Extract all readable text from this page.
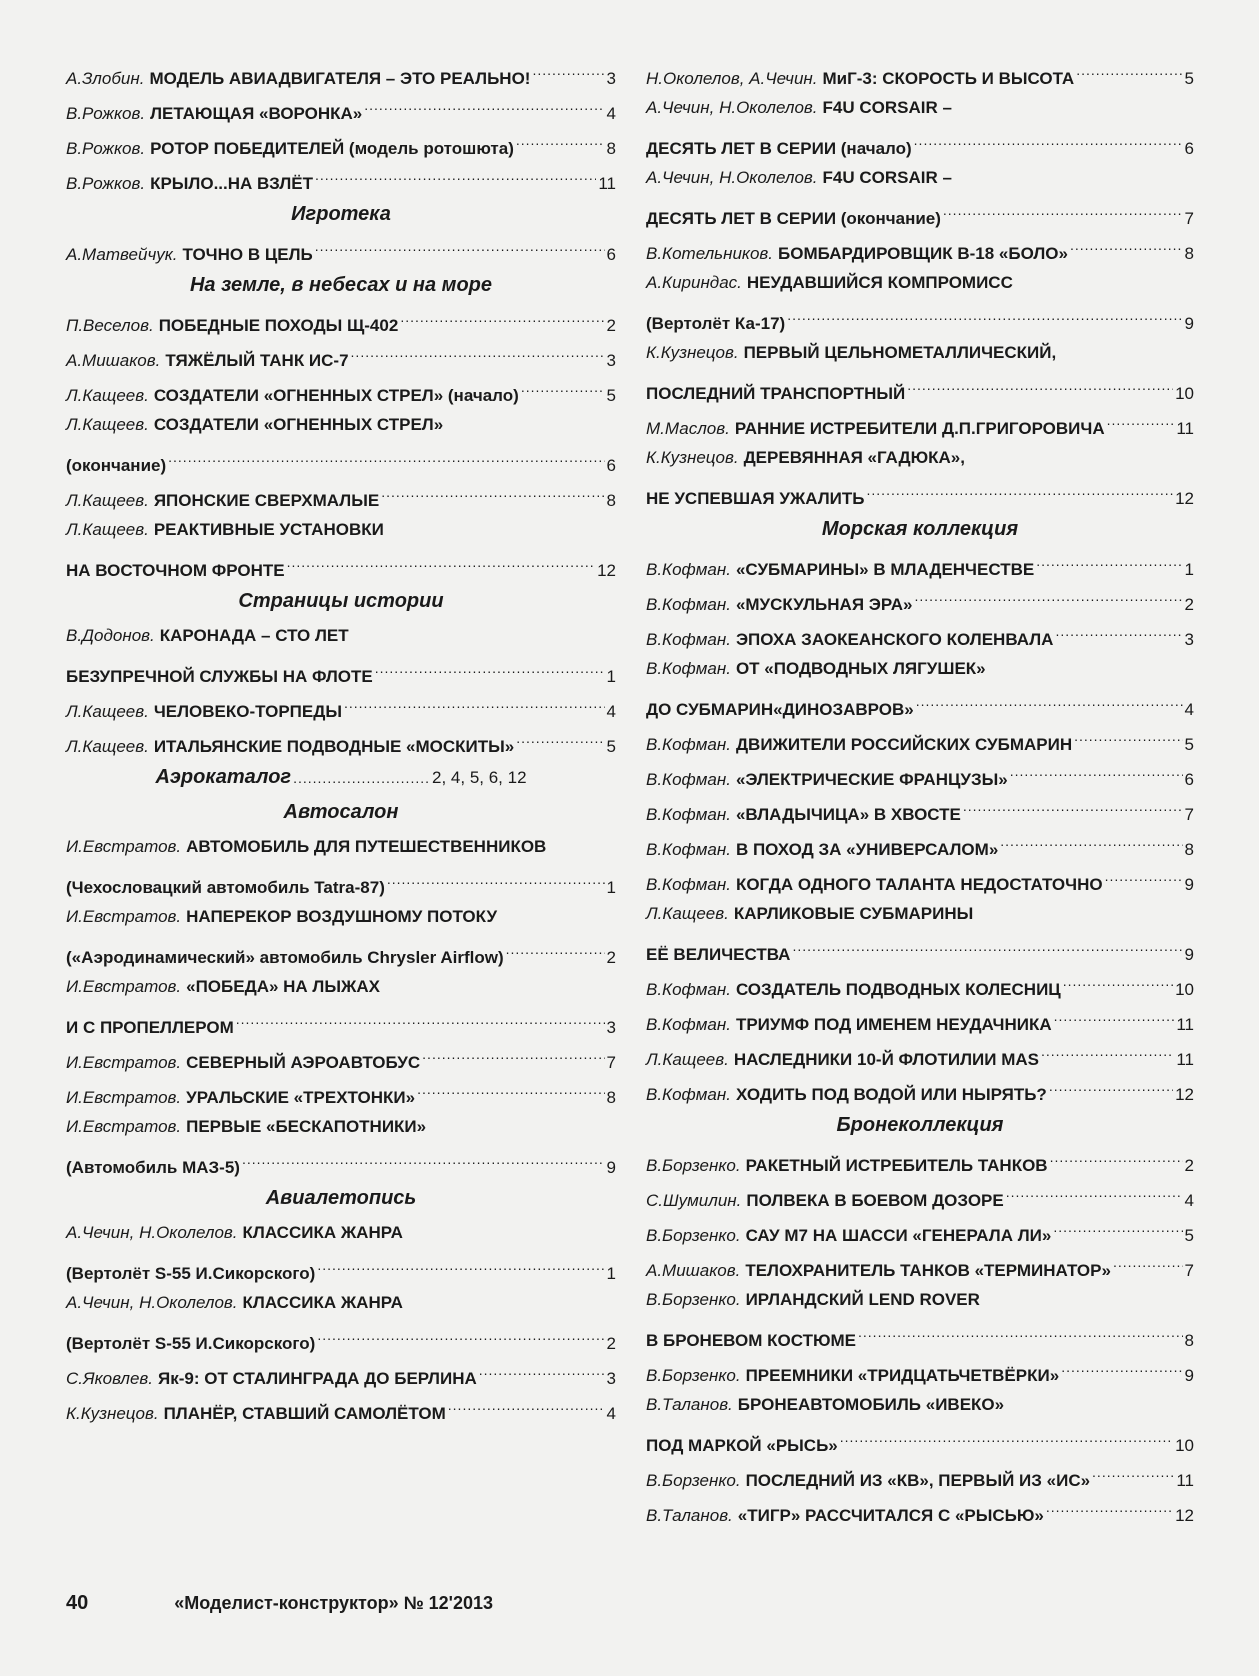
А.Злобин. МОДЕЛЬ АВИАДВИГАТЕЛЯ – ЭТО РЕАЛЬНО! .....	3
В.Рожков. ЛЕТАЮЩАЯ «ВОРОНКА» .....	4
В.Рожков. РОТОР ПОБЕДИТЕЛЕЙ (модель ротошюта) .....	8
В.Рожков. КРЫЛО...НА ВЗЛЁТ .....	11
Игротека
А.Матвейчук. ТОЧНО В ЦЕЛЬ .....	6
На земле, в небесах и на море
П.Веселов. ПОБЕДНЫЕ ПОХОДЫ Щ-402 .....	2
А.Мишаков. ТЯЖЁЛЫЙ ТАНК ИС-7 .....	3
Л.Кащеев. СОЗДАТЕЛИ «ОГНЕННЫХ СТРЕЛ» (начало) .....	5
Л.Кащеев. СОЗДАТЕЛИ «ОГНЕННЫХ СТРЕЛ»
(окончание) .....	6
Л.Кащеев. ЯПОНСКИЕ СВЕРХМАЛЫЕ .....	8
Л.Кащеев. РЕАКТИВНЫЕ УСТАНОВКИ
НА ВОСТОЧНОМ ФРОНТЕ .....	12
Страницы истории
В.Додонов. КАРОНАДА – СТО ЛЕТ
БЕЗУПРЕЧНОЙ СЛУЖБЫ НА ФЛОТЕ .....	1
Л.Кащеев. ЧЕЛОВЕКО-ТОРПЕДЫ .....	4
Л.Кащеев. ИТАЛЬЯНСКИЕ ПОДВОДНЫЕ «МОСКИТЫ» .....	5
Аэрокаталог ............................ 2, 4, 5, 6, 12
Автосалон
И.Евстратов. АВТОМОБИЛЬ ДЛЯ ПУТЕШЕСТВЕННИКОВ
(Чехословацкий автомобиль Tatra-87) .....	1
И.Евстратов. НАПЕРЕКОР ВОЗДУШНОМУ ПОТОКУ
(«Аэродинамический» автомобиль Chrysler Airflow) .....	2
И.Евстратов. «ПОБЕДА» НА ЛЫЖАХ
И С ПРОПЕЛЛЕРОМ .....	3
И.Евстратов. СЕВЕРНЫЙ АЭРОАВТОБУС .....	7
И.Евстратов. УРАЛЬСКИЕ «ТРЕХТОНКИ» .....	8
И.Евстратов. ПЕРВЫЕ «БЕСКАПОТНИКИ»
(Автомобиль МАЗ-5) .....	9
Авиалетопись
А.Чечин, Н.Околелов. КЛАССИКА ЖАНРА
(Вертолёт S-55 И.Сикорского) .....	1
А.Чечин, Н.Околелов. КЛАССИКА ЖАНРА
(Вертолёт S-55 И.Сикорского) .....	2
С.Яковлев. Як-9: ОТ СТАЛИНГРАДА ДО БЕРЛИНА .....	3
К.Кузнецов. ПЛАНЁР, СТАВШИЙ САМОЛЁТОМ .....	4
Н.Околелов, А.Чечин. МиГ-3: СКОРОСТЬ И ВЫСОТА .....	5
А.Чечин, Н.Околелов. F4U CORSAIR –
ДЕСЯТЬ ЛЕТ В СЕРИИ (начало) .....	6
А.Чечин, Н.Околелов. F4U CORSAIR –
ДЕСЯТЬ ЛЕТ В СЕРИИ (окончание) .....	7
В.Котельников. БОМБАРДИРОВЩИК В-18 «БОЛО» .....	8
А.Кириндас. НЕУДАВШИЙСЯ КОМПРОМИСС
(Вертолёт Ка-17) .....	9
К.Кузнецов. ПЕРВЫЙ ЦЕЛЬНОМЕТАЛЛИЧЕСКИЙ,
ПОСЛЕДНИЙ ТРАНСПОРТНЫЙ .....	10
М.Маслов. РАННИЕ ИСТРЕБИТЕЛИ Д.П.ГРИГОРОВИЧА .....	11
К.Кузнецов. ДЕРЕВЯННАЯ «ГАДЮКА»,
НЕ УСПЕВШАЯ УЖАЛИТЬ .....	12
Морская коллекция
В.Кофман. «СУБМАРИНЫ» В МЛАДЕНЧЕСТВЕ .....	1
В.Кофман. «МУСКУЛЬНАЯ ЭРА» .....	2
В.Кофман. ЭПОХА ЗАОКЕАНСКОГО КОЛЕНВАЛА .....	3
В.Кофман. ОТ «ПОДВОДНЫХ ЛЯГУШЕК»
ДО СУБМАРИН«ДИНОЗАВРОВ» .....	4
В.Кофман. ДВИЖИТЕЛИ РОССИЙСКИХ СУБМАРИН .....	5
В.Кофман. «ЭЛЕКТРИЧЕСКИЕ ФРАНЦУЗЫ» .....	6
В.Кофман. «ВЛАДЫЧИЦА» В ХВОСТЕ .....	7
В.Кофман. В ПОХОД ЗА «УНИВЕРСАЛОМ» .....	8
В.Кофман. КОГДА ОДНОГО ТАЛАНТА НЕДОСТАТОЧНО .....	9
Л.Кащеев. КАРЛИКОВЫЕ СУБМАРИНЫ
ЕЁ ВЕЛИЧЕСТВА .....	9
В.Кофман. СОЗДАТЕЛЬ ПОДВОДНЫХ КОЛЕСНИЦ .....	10
В.Кофман. ТРИУМФ ПОД ИМЕНЕМ НЕУДАЧНИКА .....	11
Л.Кащеев. НАСЛЕДНИКИ 10-Й ФЛОТИЛИИ MAS .....	11
В.Кофман. ХОДИТЬ ПОД ВОДОЙ ИЛИ НЫРЯТЬ? .....	12
Бронеколлекция
В.Борзенко. РАКЕТНЫЙ ИСТРЕБИТЕЛЬ ТАНКОВ .....	2
С.Шумилин. ПОЛВЕКА В БОЕВОМ ДОЗОРЕ .....	4
В.Борзенко. САУ M7 НА ШАССИ «ГЕНЕРАЛА ЛИ» .....	5
А.Мишаков. ТЕЛОХРАНИТЕЛЬ ТАНКОВ «ТЕРМИНАТОР» .....	7
В.Борзенко. ИРЛАНДСКИЙ LEND ROVER
В БРОНЕВОМ КОСТЮМЕ .....	8
В.Борзенко. ПРЕЕМНИКИ «ТРИДЦАТЬЧЕТВЁРКИ» .....	9
В.Таланов. БРОНЕАВТОМОБИЛЬ «ИВЕКО»
ПОД МАРКОЙ «РЫСЬ» .....	10
В.Борзенко. ПОСЛЕДНИЙ ИЗ «КВ», ПЕРВЫЙ ИЗ «ИС» .....	11
В.Таланов. «ТИГР» РАССЧИТАЛСЯ С «РЫСЬЮ» .....	12
40	«Моделист-конструктор» № 12'2013
